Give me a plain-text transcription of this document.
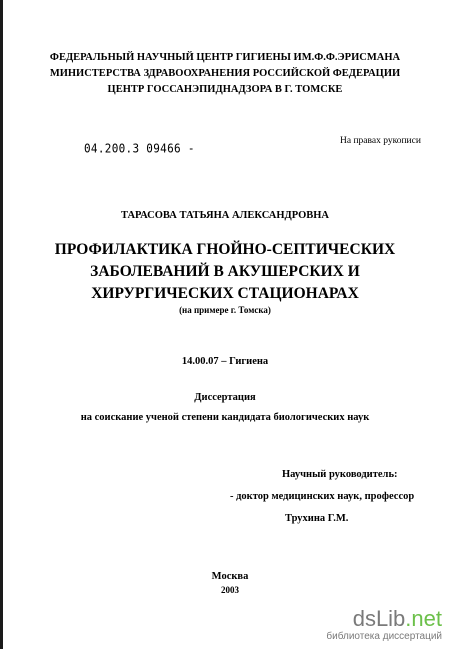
ФЕДЕРАЛЬНЫЙ НАУЧНЫЙ ЦЕНТР ГИГИЕНЫ ИМ.Ф.Ф.ЭРИСМАНА
МИНИСТЕРСТВА ЗДРАВООХРАНЕНИЯ РОССИЙСКОЙ ФЕДЕРАЦИИ
ЦЕНТР ГОССАНЭПИДНАДЗОРА В Г. ТОМСКЕ
На правах рукописи
04.200.3 09466 -
ТАРАСОВА ТАТЬЯНА АЛЕКСАНДРОВНА
ПРОФИЛАКТИКА ГНОЙНО-СЕПТИЧЕСКИХ
ЗАБОЛЕВАНИЙ В АКУШЕРСКИХ И
ХИРУРГИЧЕСКИХ СТАЦИОНАРАХ
(на примере г. Томска)
14.00.07 – Гигиена
Диссертация
на соискание ученой степени кандидата биологических наук
Научный руководитель:
- доктор медицинских наук, профессор
Трухина Г.М.
Москва
2003
dsLib.net
библиотека диссертаций
